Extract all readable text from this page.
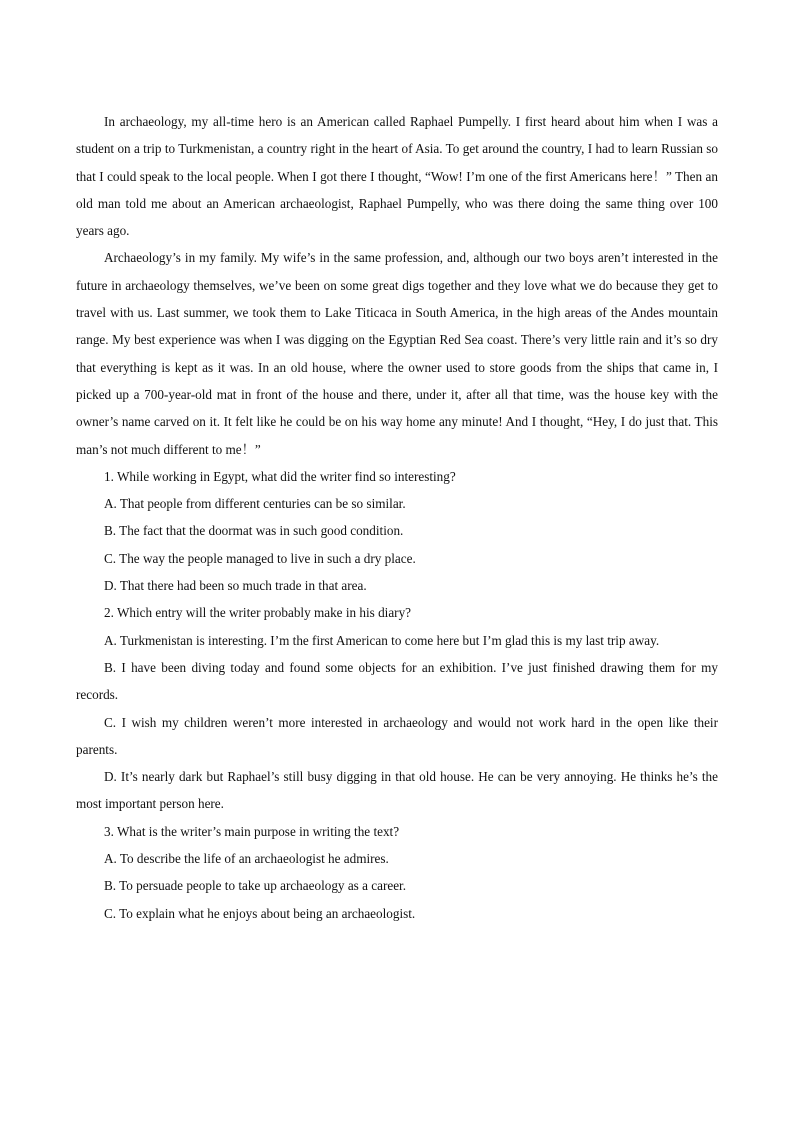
In archaeology, my all-time hero is an American called Raphael Pumpelly. I first heard about him when I was a student on a trip to Turkmenistan, a country right in the heart of Asia. To get around the country, I had to learn Russian so that I could speak to the local people. When I got there I thought, “Wow! I’m one of the first Americans here！” Then an old man told me about an American archaeologist, Raphael Pumpelly, who was there doing the same thing over 100 years ago.

Archaeology’s in my family. My wife’s in the same profession, and, although our two boys aren’t interested in the future in archaeology themselves, we’ve been on some great digs together and they love what we do because they get to travel with us. Last summer, we took them to Lake Titicaca in South America, in the high areas of the Andes mountain range. My best experience was when I was digging on the Egyptian Red Sea coast. There’s very little rain and it’s so dry that everything is kept as it was. In an old house, where the owner used to store goods from the ships that came in, I picked up a 700-year-old mat in front of the house and there, under it, after all that time, was the house key with the owner’s name carved on it. It felt like he could be on his way home any minute! And I thought, “Hey, I do just that. This man’s not much different to me！”

1. While working in Egypt, what did the writer find so interesting?

A. That people from different centuries can be so similar.

B. The fact that the doormat was in such good condition.

C. The way the people managed to live in such a dry place.

D. That there had been so much trade in that area.

2. Which entry will the writer probably make in his diary?

A. Turkmenistan is interesting. I’m the first American to come here but I’m glad this is my last trip away.

B. I have been diving today and found some objects for an exhibition. I’ve just finished drawing them for my records.

C. I wish my children weren’t more interested in archaeology and would not work hard in the open like their parents.

D. It’s nearly dark but Raphael’s still busy digging in that old house. He can be very annoying. He thinks he’s the most important person here.

3. What is the writer’s main purpose in writing the text?

A. To describe the life of an archaeologist he admires.

B. To persuade people to take up archaeology as a career.

C. To explain what he enjoys about being an archaeologist.
